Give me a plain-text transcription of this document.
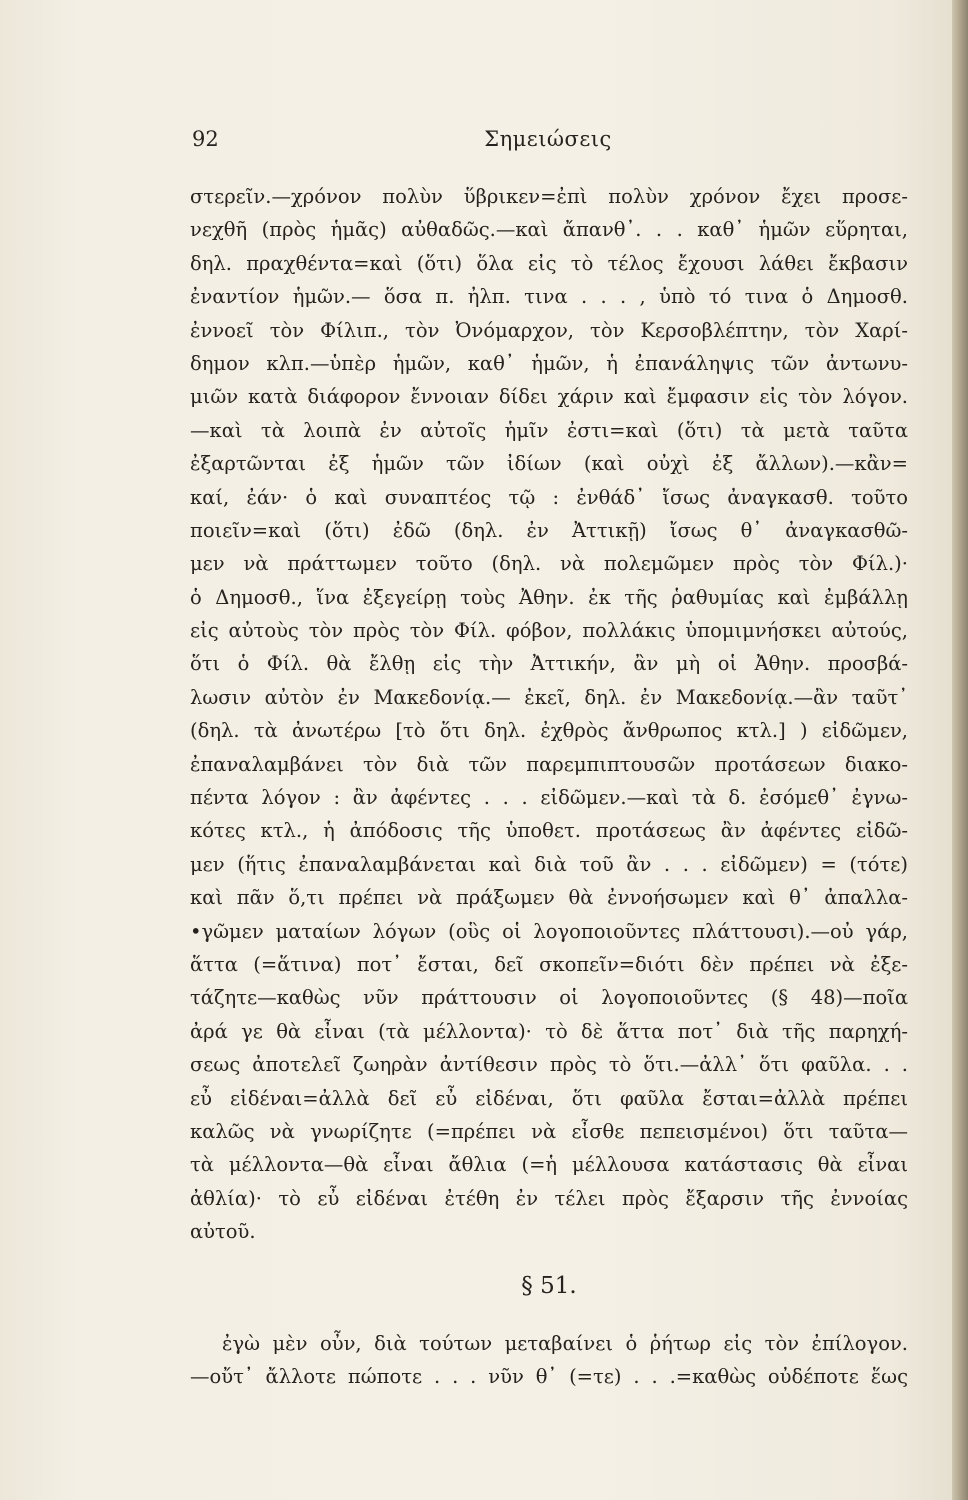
92	Σημειώσεις
στερεῖν.—χρόνον πολὺν ὕβρικεν=ἐπὶ πολὺν χρόνον ἔχει προσε-
νεχθῆ (πρὸς ἡμᾶς) αὐθαδῶς.—καὶ ἄπανθ᾽. . . καθ᾽ ἡμῶν εὕρηται,
δηλ. πραχθέντα=καὶ (ὅτι) ὅλα εἰς τὸ τέλος ἔχουσι λάθει ἔκβασιν
ἐναντίον ἡμῶν.— ὅσα π. ἠλπ. τινα . . . , ὑπὸ τό τινα ὁ Δημοσθ.
ἐννοεῖ τὸν Φίλιπ., τὸν Ὀνόμαρχον, τὸν Κερσοβλέπτην, τὸν Χαρί-
δημον κλπ.—ὑπὲρ ἡμῶν, καθ᾽ ἡμῶν, ἡ ἐπανάληψις τῶν ἀντωνυ-
μιῶν κατὰ διάφορον ἔννοιαν δίδει χάριν καὶ ἔμφασιν εἰς τὸν λόγον.
—καὶ τὰ λοιπὰ ἐν αὐτοῖς ἡμῖν ἐστι=καὶ (ὅτι) τὰ μετὰ ταῦτα
ἐξαρτῶνται ἐξ ἡμῶν τῶν ἰδίων (καὶ οὐχὶ ἐξ ἄλλων).—κἂν=
καί, ἐάν· ὁ καὶ συναπτέος τῷ : ἐνθάδ᾽ ἴσως ἀναγκασθ. τοῦτο
ποιεῖν=καὶ (ὅτι) ἐδῶ (δηλ. ἐν Ἀττικῇ) ἴσως θ᾽ ἀναγκασθῶ-
μεν νὰ πράττωμεν τοῦτο (δηλ. νὰ πολεμῶμεν πρὸς τὸν Φίλ.)·
ὁ Δημοσθ., ἵνα ἐξεγείρῃ τοὺς Ἀθην. ἐκ τῆς ῥαθυμίας καὶ ἐμβάλλῃ
εἰς αὐτοὺς τὸν πρὸς τὸν Φίλ. φόβον, πολλάκις ὑπομιμνήσκει αὐτούς,
ὅτι ὁ Φίλ. θὰ ἔλθῃ εἰς τὴν Ἀττικήν, ἂν μὴ οἱ Ἀθην. προσβά-
λωσιν αὐτὸν ἐν Μακεδονίᾳ.— ἐκεῖ, δηλ. ἐν Μακεδονίᾳ.—ἂν ταῦτ᾽
(δηλ. τὰ ἀνωτέρω [τὸ ὅτι δηλ. ἐχθρὸς ἄνθρωπος κτλ.] ) εἰδῶμεν,
ἐπαναλαμβάνει τὸν διὰ τῶν παρεμπιπτουσῶν προτάσεων διακο-
πέντα λόγον : ἂν ἀφέντες . . . εἰδῶμεν.—καὶ τὰ δ. ἐσόμεθ᾽ ἐγνω-
κότες κτλ., ἡ ἀπόδοσις τῆς ὑποθετ. προτάσεως ἂν ἀφέντες εἰδῶ-
μεν (ἥτις ἐπαναλαμβάνεται καὶ διὰ τοῦ ἂν . . . εἰδῶμεν) = (τότε)
καὶ πᾶν ὅ,τι πρέπει νὰ πράξωμεν θὰ ἐννοήσωμεν καὶ θ᾽ ἀπαλλα-
•γῶμεν ματαίων λόγων (οὓς οἱ λογοποιοῦντες πλάττουσι).—οὐ γάρ,
ἅττα (=ἅτινα) ποτ᾽ ἔσται, δεῖ σκοπεῖν=διότι δὲν πρέπει νὰ ἐξε-
τάζητε—καθὼς νῦν πράττουσιν οἱ λογοποιοῦντες (§ 48)—ποῖα
ἀρά γε θὰ εἶναι (τὰ μέλλοντα)· τὸ δὲ ἅττα ποτ᾽ διὰ τῆς παρηχή-
σεως ἀποτελεῖ ζωηρὰν ἀντίθεσιν πρὸς τὸ ὅτι.—ἀλλ᾽ ὅτι φαῦλα. . .
εὖ εἰδέναι=ἀλλὰ δεῖ εὖ εἰδέναι, ὅτι φαῦλα ἔσται=ἀλλὰ πρέπει
καλῶς νὰ γνωρίζητε (=πρέπει νὰ εἶσθε πεπεισμένοι) ὅτι ταῦτα—
τὰ μέλλοντα—θὰ εἶναι ἄθλια (=ἡ μέλλουσα κατάστασις θὰ εἶναι
ἀθλία)· τὸ εὖ εἰδέναι ἐτέθη ἐν τέλει πρὸς ἔξαρσιν τῆς ἐννοίας
αὐτοῦ.
§ 51.
ἐγὼ μὲν οὖν, διὰ τούτων μεταβαίνει ὁ ῥήτωρ εἰς τὸν ἐπίλογον.
—οὔτ᾽ ἄλλοτε πώποτε . . . νῦν θ᾽ (=τε) . . .=καθὼς οὐδέποτε ἕως
